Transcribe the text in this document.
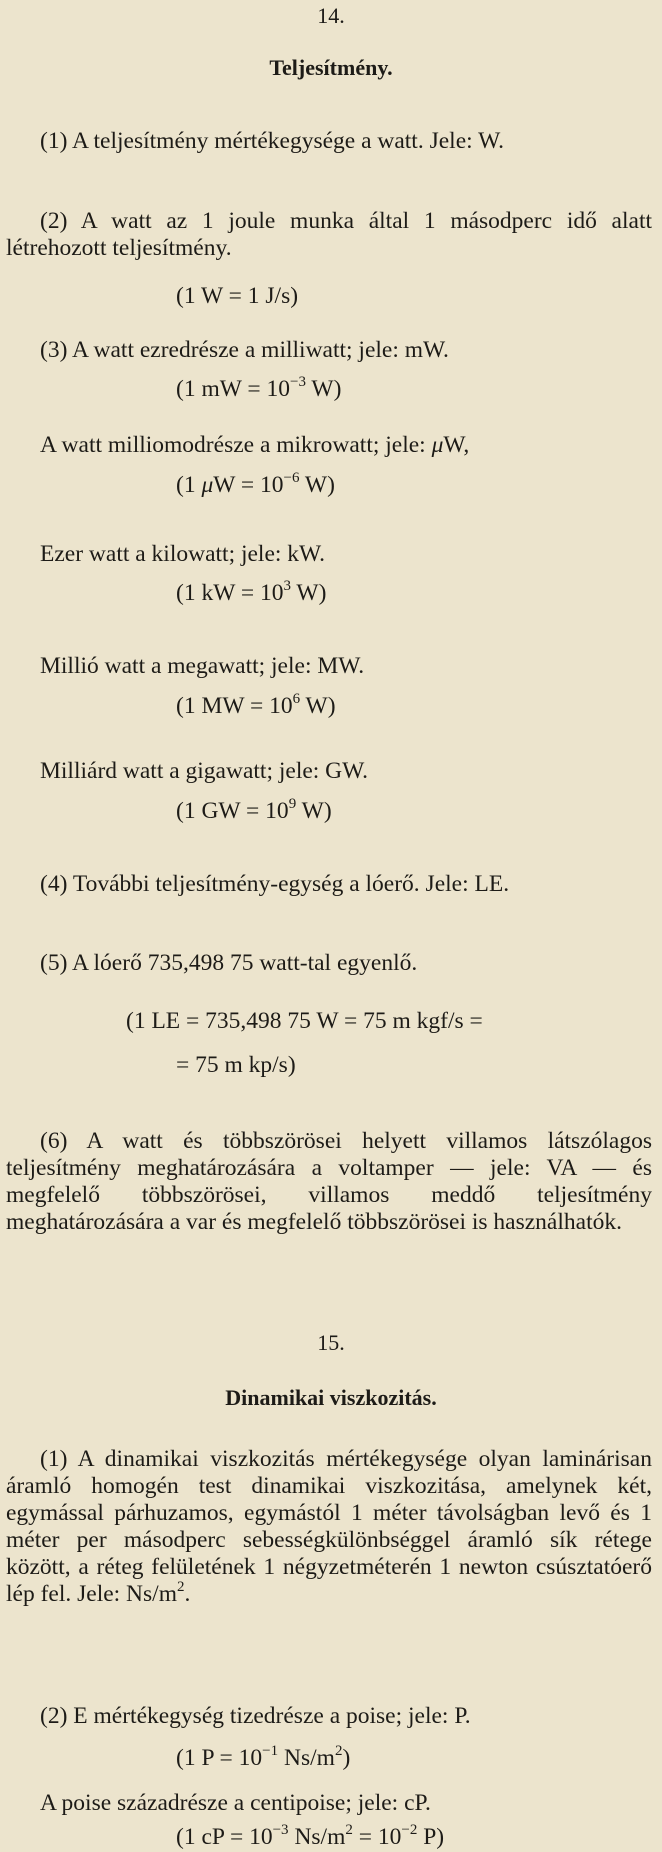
14.
Teljesítmény.
(1) A teljesítmény mértékegysége a watt. Jele: W.
(2) A watt az 1 joule munka által 1 másodperc idő alatt létrehozott teljesítmény.
(1 W = 1 J/s)
(3) A watt ezredrésze a milliwatt; jele: mW.
(1 mW = $10^{-3}$ W)
A watt milliomodrésze a mikrowatt; jele: μW,
(1 $\mu W = 10^{-6}$ W)
Ezer watt a kilowatt; jele: kW.
(1 kW = $10^3$ W)
Millió watt a megawatt; jele: MW.
(1 MW = $10^6$ W)
Milliárd watt a gigawatt; jele: GW.
(1 GW = $10^9$ W)
(4) További teljesítmény-egység a lóerő. Jele: LE.
(5) A lóerő 735,498 75 watt-tal egyenlő.
(1 LE = 735,498 75 W = 75 m kgf/s =
= 75 m kp/s)
(6) A watt és többszörösei helyett villamos látszólagos teljesítmény meghatározására a voltamper — jele: VA — és megfelelő többszörösei, villamos meddő teljesítmény meghatározására a var és megfelelő többszörösei is használhatók.
15.
Dinamikai viszkozitás.
(1) A dinamikai viszkozitás mértékegysége olyan laminárisan áramló homogén test dinamikai viszkozitása, amelynek két, egymással párhuzamos, egymástól 1 méter távolságban levő és 1 méter per másodperc sebességkülönbséggel áramló sík rétege között, a réteg felületének 1 négyzetméterén 1 newton csúsztatóerő lép fel. Jele: $Ns/m^2$.
(2) E mértékegység tizedrésze a poise; jele: P.
(1 $P = 10^{-1}$ $Ns/m^2$)
A poise századrésze a centipoise; jele: cP.
(1 cP = $10^{-3}$ $Ns/m^2 = 10^{-2}$ P)
